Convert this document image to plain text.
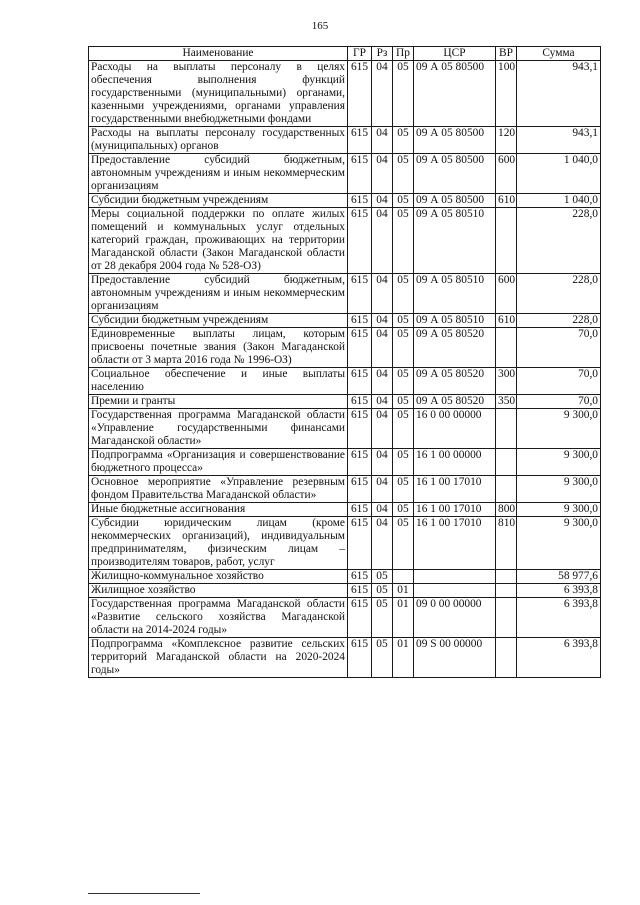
165
Наименование	ГР	Рз	Пр	ЦСР	ВР	Сумма
Расходы на выплаты персоналу в целях обеспечения выполнения функций государственными (муниципальными) органами, казенными учреждениями, органами управления государственными внебюджетными фондами	615	04	05	09 А 05 80500	100	943,1
Расходы на выплаты персоналу государственных (муниципальных) органов	615	04	05	09 А 05 80500	120	943,1
Предоставление субсидий бюджетным, автономным учреждениям и иным некоммерческим организациям	615	04	05	09 А 05 80500	600	1 040,0
Субсидии бюджетным учреждениям	615	04	05	09 А 05 80500	610	1 040,0
Меры социальной поддержки по оплате жилых помещений и коммунальных услуг отдельных категорий граждан, проживающих на территории Магаданской области (Закон Магаданской области от 28 декабря 2004 года № 528-ОЗ)	615	04	05	09 А 05 80510		228,0
Предоставление субсидий бюджетным, автономным учреждениям и иным некоммерческим организациям	615	04	05	09 А 05 80510	600	228,0
Субсидии бюджетным учреждениям	615	04	05	09 А 05 80510	610	228,0
Единовременные выплаты лицам, которым присвоены почетные звания (Закон Магаданской области от 3 марта 2016 года № 1996-ОЗ)	615	04	05	09 А 05 80520		70,0
Социальное обеспечение и иные выплаты населению	615	04	05	09 А 05 80520	300	70,0
Премии и гранты	615	04	05	09 А 05 80520	350	70,0
Государственная программа Магаданской области «Управление государственными финансами Магаданской области»	615	04	05	16 0 00 00000		9 300,0
Подпрограмма «Организация и совершенствование бюджетного процесса»	615	04	05	16 1 00 00000		9 300,0
Основное мероприятие «Управление резервным фондом Правительства Магаданской области»	615	04	05	16 1 00 17010		9 300,0
Иные бюджетные ассигнования	615	04	05	16 1 00 17010	800	9 300,0
Субсидии юридическим лицам (кроме некоммерческих организаций), индивидуальным предпринимателям, физическим лицам – производителям товаров, работ, услуг	615	04	05	16 1 00 17010	810	9 300,0
Жилищно-коммунальное хозяйство	615	05				58 977,6
Жилищное хозяйство	615	05	01			6 393,8
Государственная программа Магаданской области «Развитие сельского хозяйства Магаданской области на 2014-2024 годы»	615	05	01	09 0 00 00000		6 393,8
Подпрограмма «Комплексное развитие сельских территорий Магаданской области на 2020-2024 годы»	615	05	01	09 S 00 00000		6 393,8
